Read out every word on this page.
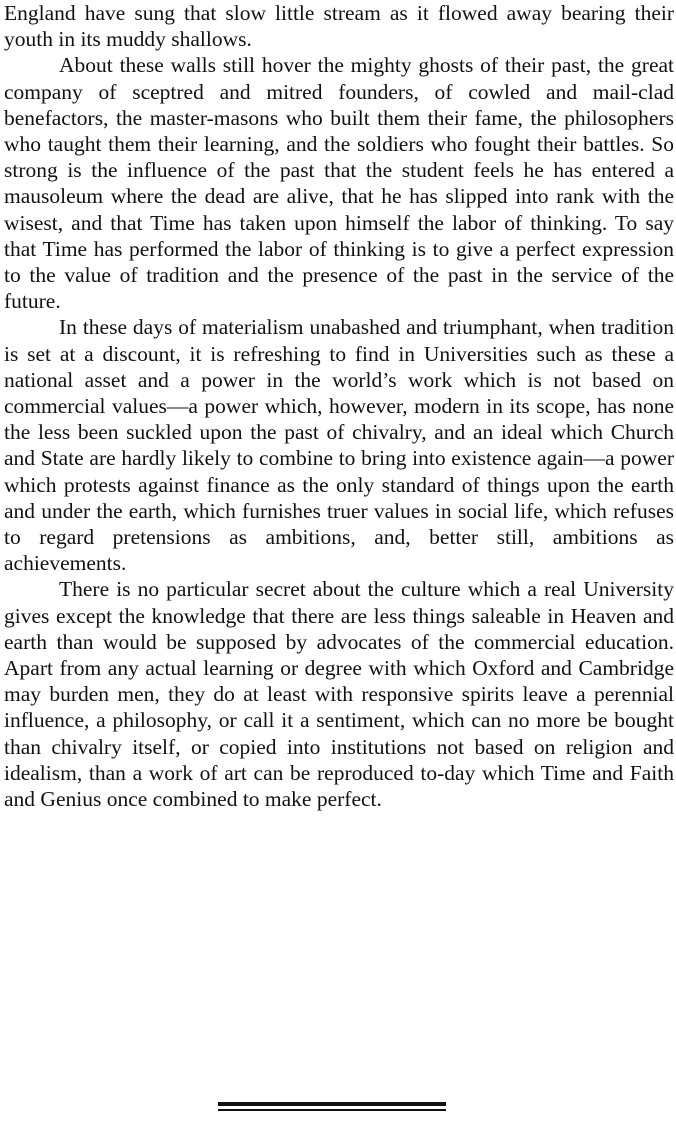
England have sung that slow little stream as it flowed away bearing their youth in its muddy shallows.

About these walls still hover the mighty ghosts of their past, the great company of sceptred and mitred founders, of cowled and mail-clad benefactors, the master-masons who built them their fame, the philosophers who taught them their learning, and the soldiers who fought their battles. So strong is the influence of the past that the student feels he has entered a mausoleum where the dead are alive, that he has slipped into rank with the wisest, and that Time has taken upon himself the labor of thinking. To say that Time has performed the labor of thinking is to give a perfect expression to the value of tradition and the presence of the past in the service of the future.

In these days of materialism unabashed and triumphant, when tradition is set at a discount, it is refreshing to find in Universities such as these a national asset and a power in the world’s work which is not based on commercial values—a power which, however, modern in its scope, has none the less been suckled upon the past of chivalry, and an ideal which Church and State are hardly likely to combine to bring into existence again—a power which protests against finance as the only standard of things upon the earth and under the earth, which furnishes truer values in social life, which refuses to regard pretensions as ambitions, and, better still, ambitions as achievements.

There is no particular secret about the culture which a real University gives except the knowledge that there are less things saleable in Heaven and earth than would be supposed by advocates of the commercial education. Apart from any actual learning or degree with which Oxford and Cambridge may burden men, they do at least with responsive spirits leave a perennial influence, a philosophy, or call it a sentiment, which can no more be bought than chivalry itself, or copied into institutions not based on religion and idealism, than a work of art can be reproduced to-day which Time and Faith and Genius once combined to make perfect.
